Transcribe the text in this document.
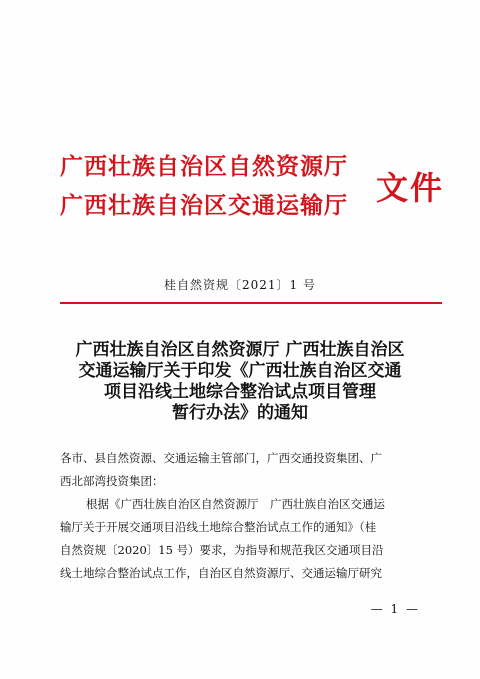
广西壮族自治区自然资源厅
广西壮族自治区交通运输厅 文件
桂自然资规〔2021〕1 号
广西壮族自治区自然资源厅 广西壮族自治区
交通运输厅关于印发《广西壮族自治区交通
项目沿线土地综合整治试点项目管理
暂行办法》的通知
各市、县自然资源、交通运输主管部门，广西交通投资集团、广
西北部湾投资集团：
根据《广西壮族自治区自然资源厅　广西壮族自治区交通运
输厅关于开展交通项目沿线土地综合整治试点工作的通知》（桂
自然资规〔2020〕15 号）要求，为指导和规范我区交通项目沿
线土地综合整治试点工作，自治区自然资源厅、交通运输厅研究
— 1 —
